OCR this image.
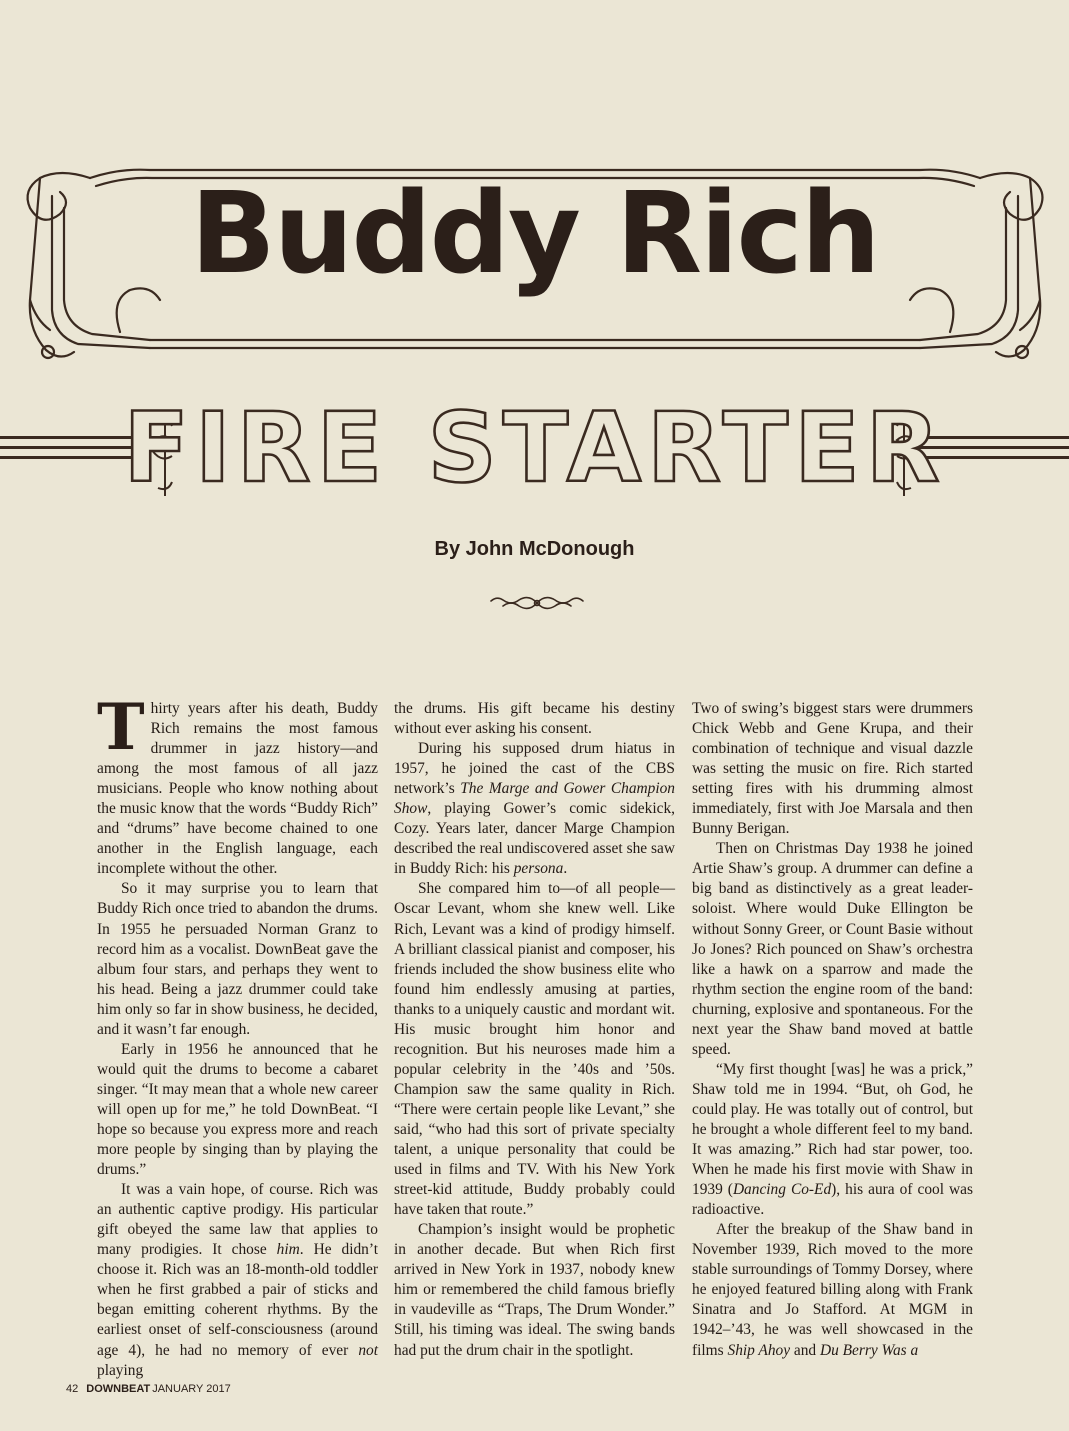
Buddy Rich
FIRE STARTER
By John McDonough

Thirty years after his death, Buddy Rich remains the most famous drummer in jazz history—and among the most famous of all jazz musicians. People who know nothing about the music know that the words “Buddy Rich” and “drums” have become chained to one another in the English language, each incomplete without the other.

So it may surprise you to learn that Buddy Rich once tried to abandon the drums. In 1955 he persuaded Norman Granz to record him as a vocalist. DownBeat gave the album four stars, and perhaps they went to his head. Being a jazz drummer could take him only so far in show business, he decided, and it wasn’t far enough.

Early in 1956 he announced that he would quit the drums to become a cabaret singer. “It may mean that a whole new career will open up for me,” he told DownBeat. “I hope so because you express more and reach more people by singing than by playing the drums.”

It was a vain hope, of course. Rich was an authentic captive prodigy. His particular gift obeyed the same law that applies to many prodigies. It chose him. He didn’t choose it. Rich was an 18-month-old toddler when he first grabbed a pair of sticks and began emitting coherent rhythms. By the earliest onset of self-consciousness (around age 4), he had no memory of ever not playing

the drums. His gift became his destiny without ever asking his consent.

During his supposed drum hiatus in 1957, he joined the cast of the CBS network’s The Marge and Gower Champion Show, playing Gower’s comic sidekick, Cozy. Years later, dancer Marge Champion described the real undiscovered asset she saw in Buddy Rich: his persona.

She compared him to—of all people—Oscar Levant, whom she knew well. Like Rich, Levant was a kind of prodigy himself. A brilliant classical pianist and composer, his friends included the show business elite who found him endlessly amusing at parties, thanks to a uniquely caustic and mordant wit. His music brought him honor and recognition. But his neuroses made him a popular celebrity in the ’40s and ’50s. Champion saw the same quality in Rich. “There were certain people like Levant,” she said, “who had this sort of private specialty talent, a unique personality that could be used in films and TV. With his New York street-kid attitude, Buddy probably could have taken that route.”

Champion’s insight would be prophetic in another decade. But when Rich first arrived in New York in 1937, nobody knew him or remembered the child famous briefly in vaudeville as “Traps, The Drum Wonder.” Still, his timing was ideal. The swing bands had put the drum chair in the spotlight.

Two of swing’s biggest stars were drummers Chick Webb and Gene Krupa, and their combination of technique and visual dazzle was setting the music on fire. Rich started setting fires with his drumming almost immediately, first with Joe Marsala and then Bunny Berigan.

Then on Christmas Day 1938 he joined Artie Shaw’s group. A drummer can define a big band as distinctively as a great leader-soloist. Where would Duke Ellington be without Sonny Greer, or Count Basie without Jo Jones? Rich pounced on Shaw’s orchestra like a hawk on a sparrow and made the rhythm section the engine room of the band: churning, explosive and spontaneous. For the next year the Shaw band moved at battle speed.

“My first thought [was] he was a prick,” Shaw told me in 1994. “But, oh God, he could play. He was totally out of control, but he brought a whole different feel to my band. It was amazing.” Rich had star power, too. When he made his first movie with Shaw in 1939 (Dancing Co-Ed), his aura of cool was radioactive.

After the breakup of the Shaw band in November 1939, Rich moved to the more stable surroundings of Tommy Dorsey, where he enjoyed featured billing along with Frank Sinatra and Jo Stafford. At MGM in 1942–’43, he was well showcased in the films Ship Ahoy and Du Berry Was a

42 DOWNBEAT JANUARY 2017
